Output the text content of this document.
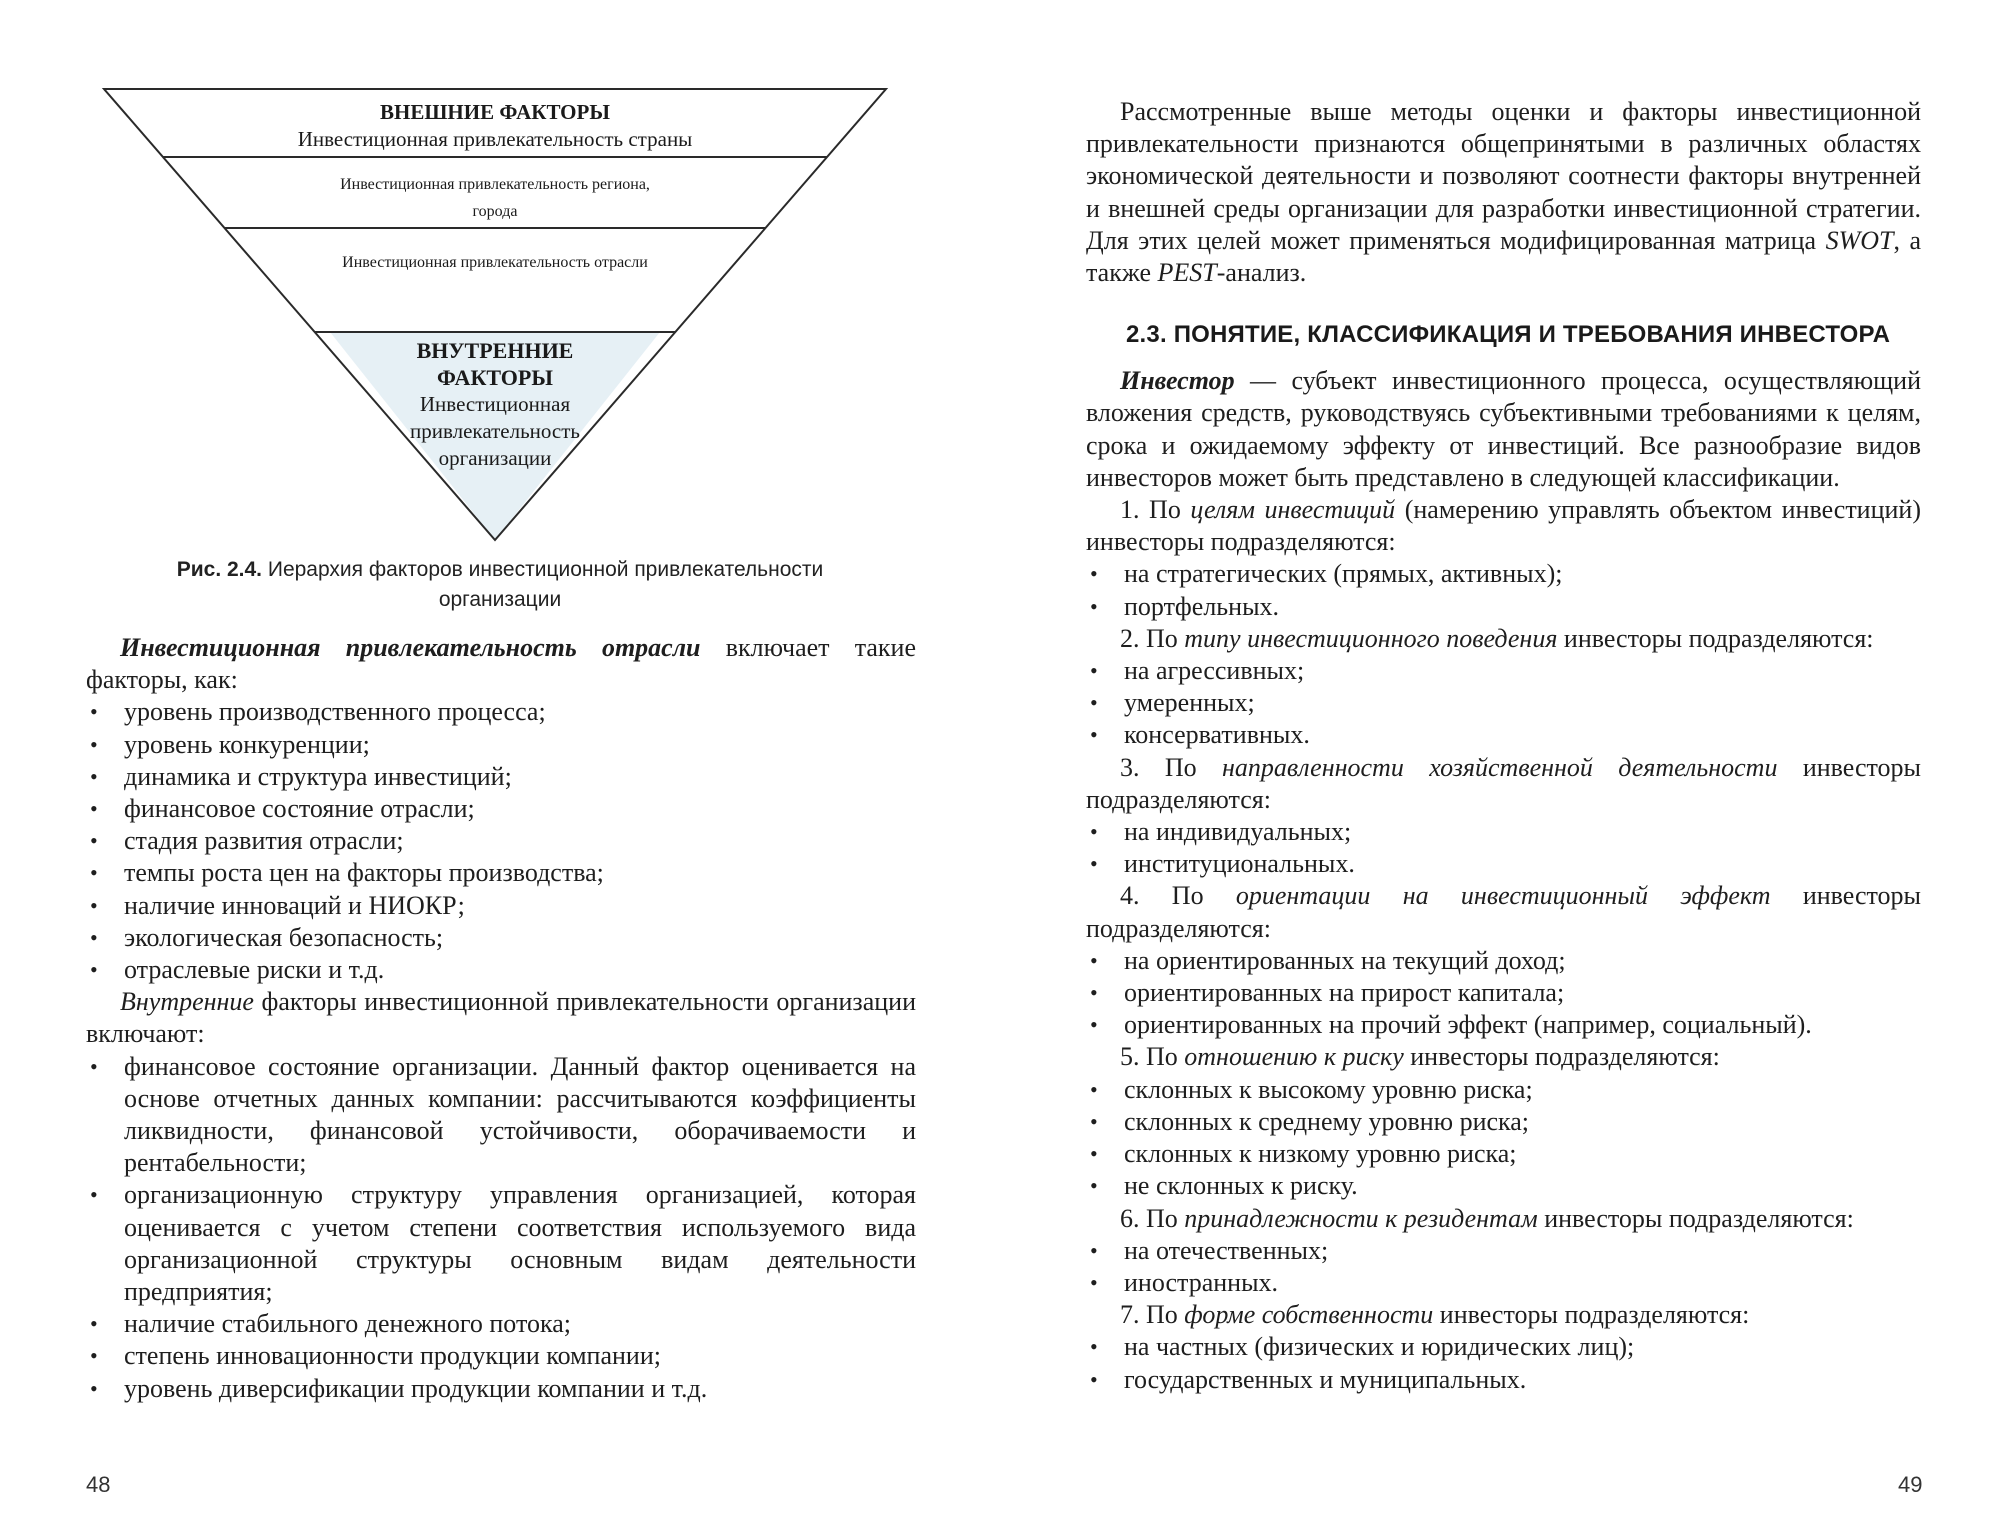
ВНЕШНИЕ ФАКТОРЫ
Инвестиционная привлекательность страны
Инвестиционная привлекательность региона, города
Инвестиционная привлекательность отрасли
ВНУТРЕННИЕ ФАКТОРЫ
Инвестиционная привлекательность организации
Рис. 2.4. Иерархия факторов инвестиционной привлекательности организации

Инвестиционная привлекательность отрасли включает такие факторы, как:

• уровень производственного процесса;
• уровень конкуренции;
• динамика и структура инвестиций;
• финансовое состояние отрасли;
• стадия развития отрасли;
• темпы роста цен на факторы производства;
• наличие инноваций и НИОКР;
• экологическая безопасность;
• отраслевые риски и т.д.

Внутренние факторы инвестиционной привлекательности организации включают:

• финансовое состояние организации. Данный фактор оценивается на основе отчетных данных компании: рассчитываются коэффициенты ликвидности, финансовой устойчивости, оборачиваемости и рентабельности;
• организационную структуру управления организацией, которая оценивается с учетом степени соответствия используемого вида организационной структуры основным видам деятельности предприятия;
• наличие стабильного денежного потока;
• степень инновационности продукции компании;
• уровень диверсификации продукции компании и т.д.
48

Рассмотренные выше методы оценки и факторы инвестиционной привлекательности признаются общепринятыми в различных областях экономической деятельности и позволяют соотнести факторы внутренней и внешней среды организации для разработки инвестиционной стратегии. Для этих целей может применяться модифицированная матрица SWOT, а также PEST-анализ.

2.3. ПОНЯТИЕ, КЛАССИФИКАЦИЯ И ТРЕБОВАНИЯ ИНВЕСТОРА

Инвестор — субъект инвестиционного процесса, осуществляющий вложения средств, руководствуясь субъективными требованиями к целям, срока и ожидаемому эффекту от инвестиций. Все разнообразие видов инвесторов может быть представлено в следующей классификации.

1. По целям инвестиций (намерению управлять объектом инвестиций) инвесторы подразделяются:

• на стратегических (прямых, активных);
• портфельных.

2. По типу инвестиционного поведения инвесторы подразделяются:

• на агрессивных;
• умеренных;
• консервативных.

3. По направленности хозяйственной деятельности инвесторы подразделяются:

• на индивидуальных;
• институциональных.

4. По ориентации на инвестиционный эффект инвесторы подразделяются:

• на ориентированных на текущий доход;
• ориентированных на прирост капитала;
• ориентированных на прочий эффект (например, социальный).

5. По отношению к риску инвесторы подразделяются:

• склонных к высокому уровню риска;
• склонных к среднему уровню риска;
• склонных к низкому уровню риска;
• не склонных к риску.

6. По принадлежности к резидентам инвесторы подразделяются:

• на отечественных;
• иностранных.

7. По форме собственности инвесторы подразделяются:

• на частных (физических и юридических лиц);
• государственных и муниципальных.
49
